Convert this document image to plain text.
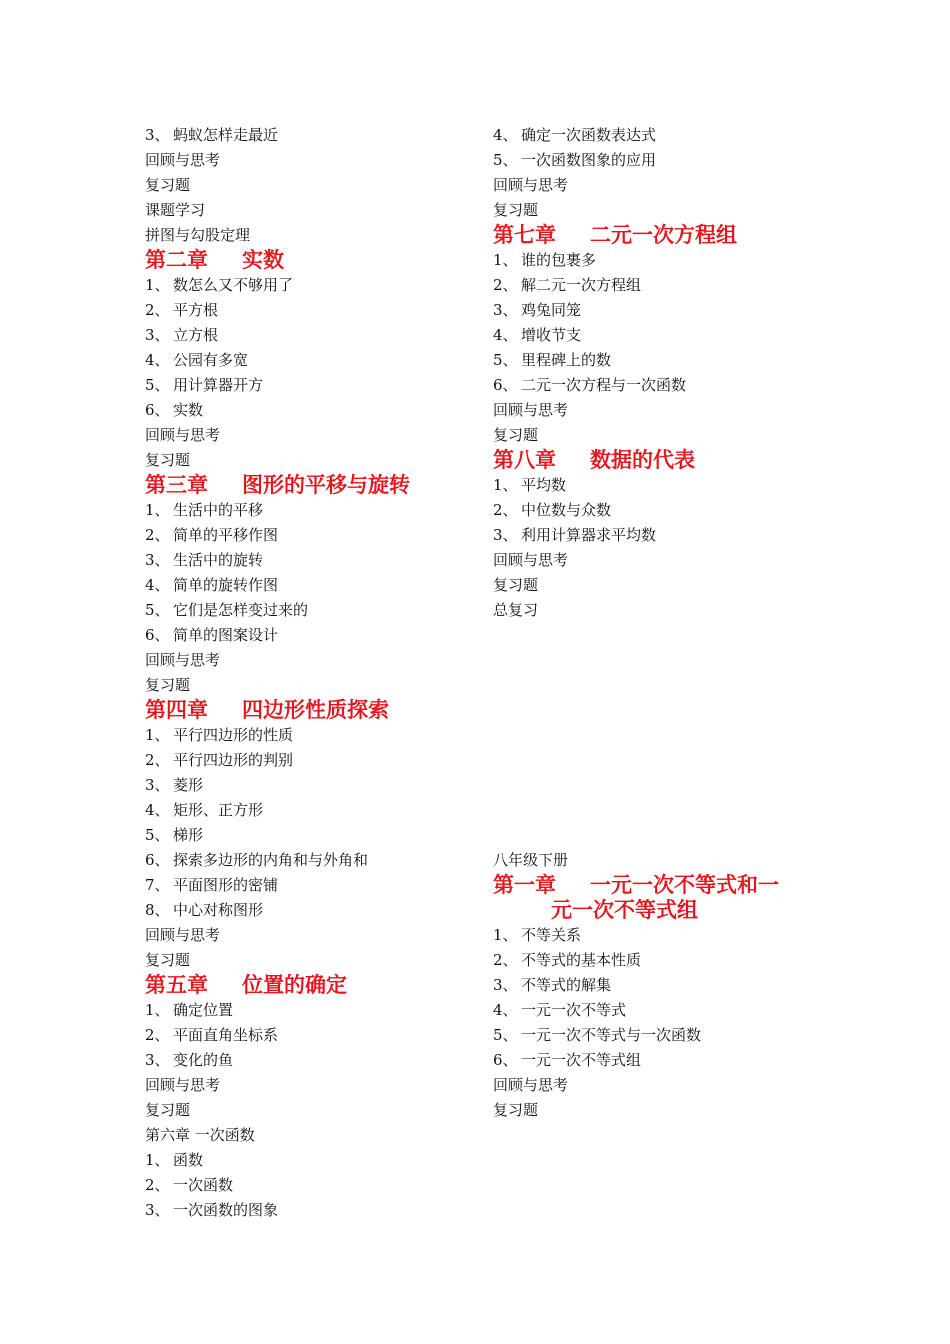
3、 蚂蚁怎样走最近
回顾与思考
复习题
课题学习
拼图与勾股定理
第二章 实数
1、 数怎么又不够用了
2、 平方根
3、 立方根
4、 公园有多宽
5、 用计算器开方
6、 实数
回顾与思考
复习题
第三章 图形的平移与旋转
1、 生活中的平移
2、 简单的平移作图
3、 生活中的旋转
4、 简单的旋转作图
5、 它们是怎样变过来的
6、 简单的图案设计
回顾与思考
复习题
第四章 四边形性质探索
1、 平行四边形的性质
2、 平行四边形的判别
3、 菱形
4、 矩形、正方形
5、 梯形
6、 探索多边形的内角和与外角和
7、 平面图形的密铺
8、 中心对称图形
回顾与思考
复习题
第五章 位置的确定
1、 确定位置
2、 平面直角坐标系
3、 变化的鱼
回顾与思考
复习题
第六章 一次函数
1、 函数
2、 一次函数
3、 一次函数的图象
4、 确定一次函数表达式
5、 一次函数图象的应用
回顾与思考
复习题
第七章 二元一次方程组
1、 谁的包裹多
2、 解二元一次方程组
3、 鸡兔同笼
4、 增收节支
5、 里程碑上的数
6、 二元一次方程与一次函数
回顾与思考
复习题
第八章 数据的代表
1、 平均数
2、 中位数与众数
3、 利用计算器求平均数
回顾与思考
复习题
总复习
八年级下册
第一章 一元一次不等式和一
元一次不等式组
1、 不等关系
2、 不等式的基本性质
3、 不等式的解集
4、 一元一次不等式
5、 一元一次不等式与一次函数
6、 一元一次不等式组
回顾与思考
复习题
